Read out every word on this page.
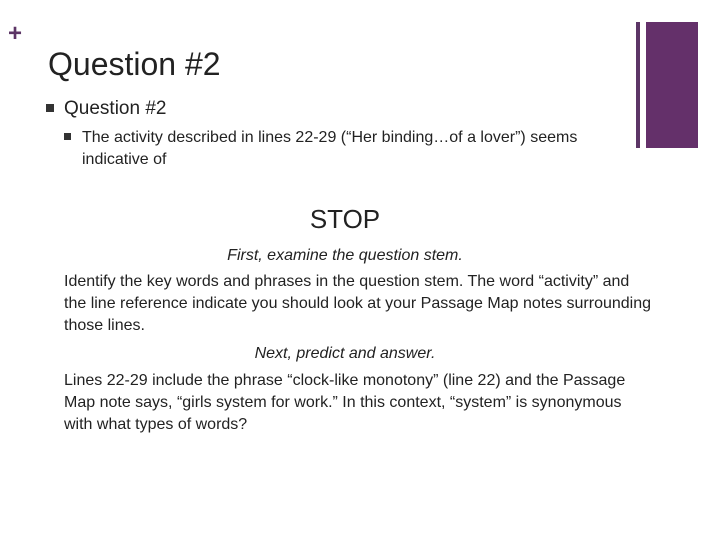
+
Question #2
Question #2
The activity described in lines 22-29 (“Her binding…of a lover”) seems indicative of
STOP
First, examine the question stem.

Identify the key words and phrases in the question stem. The word “activity” and the line reference indicate you should look at your Passage Map notes surrounding those lines.

Next, predict and answer.

Lines 22-29 include the phrase “clock-like monotony” (line 22) and the Passage Map note says, “girls system for work.” In this context, “system” is synonymous with what types of words?
